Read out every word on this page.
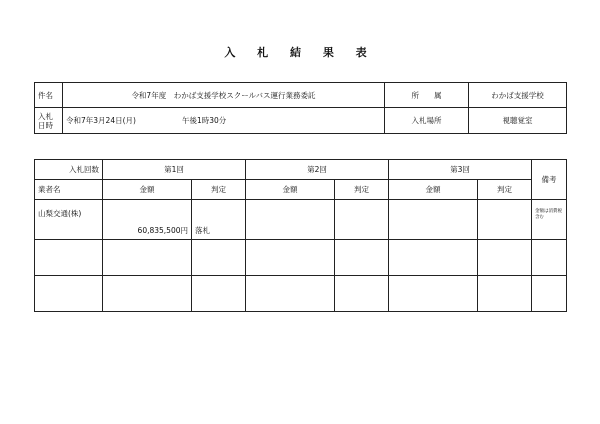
入 札 結 果 表
件名	令和7年度　わかば支援学校スクールバス運行業務委託	所　　属	わかば支援学校

入札
日時	令和7年3月24日(月) 午後1時30分	入札場所	視聴覚室
入札回数	第1回		第2回		第3回		備考
業者名	金額	判定	金額	判定	金額	判定	
山梨交通(株)	60,835,500円	落札					金額は消費税含む
